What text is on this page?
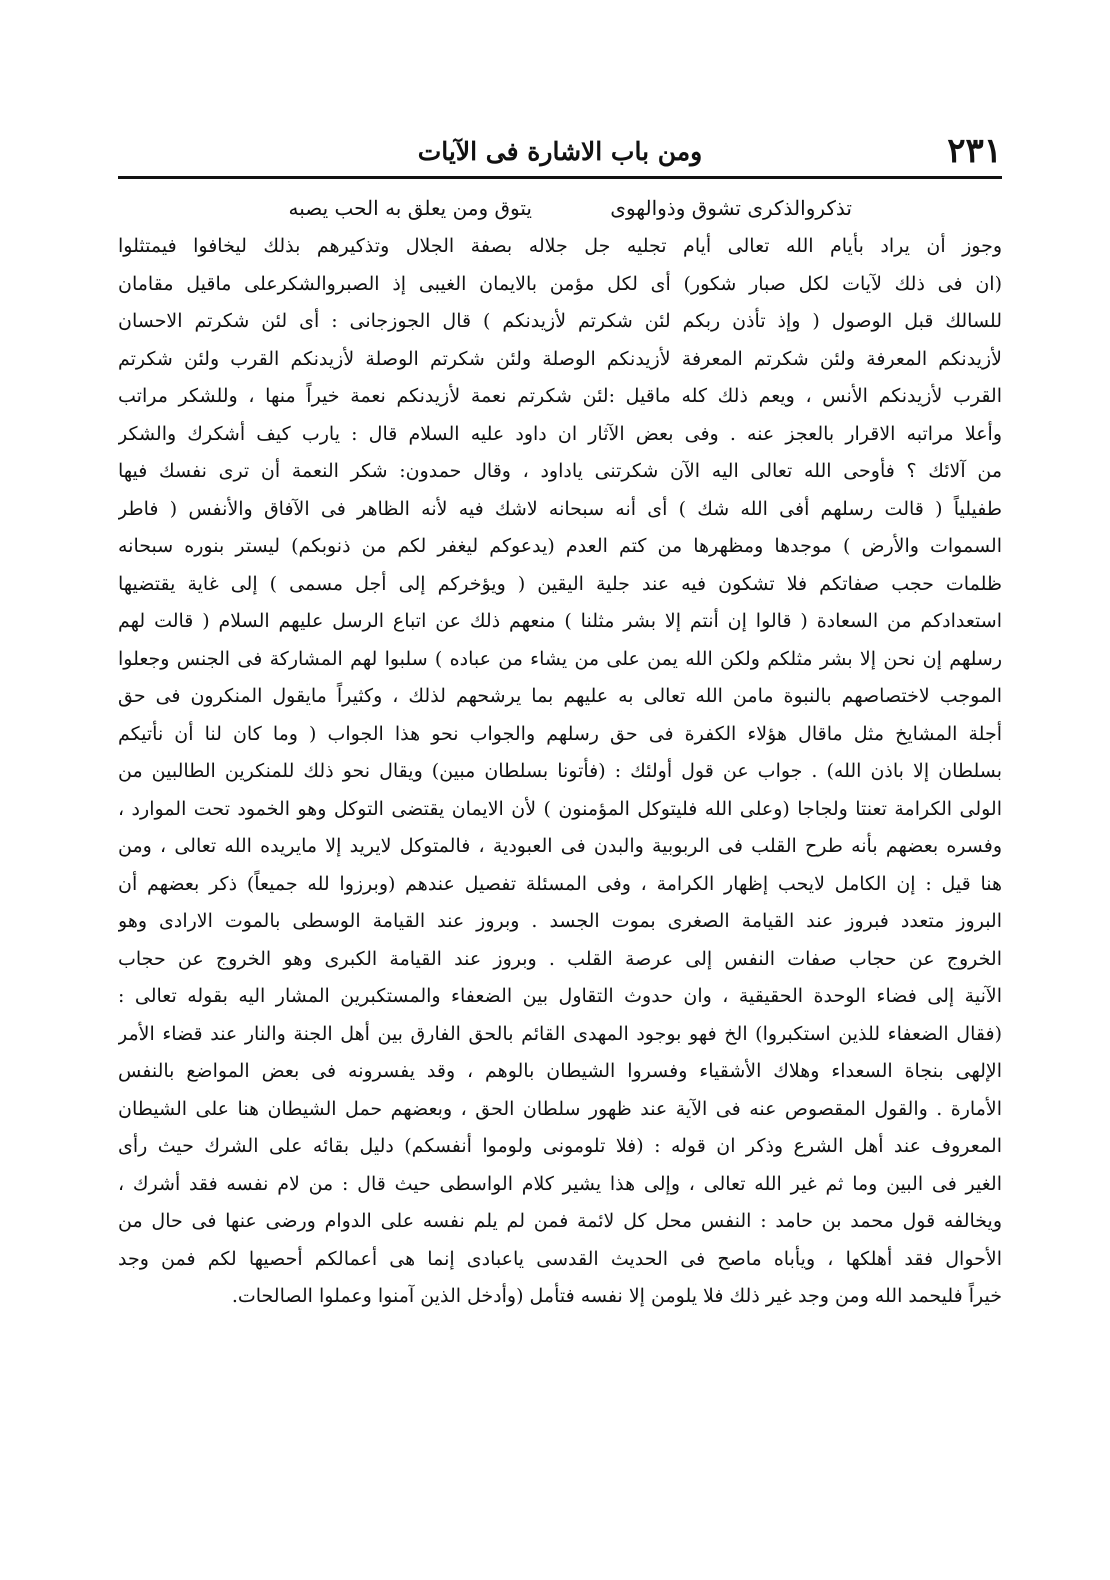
٢٣١
ومن باب الاشارة فى الآيات
تذكروالذكرى تشوق وذوالهوى
يتوق ومن يعلق به الحب يصبه
وجوز أن يراد بأيام الله تعالى أيام تجليه جل جلاله بصفة الجلال وتذكيرهم بذلك ليخافوا فيمتثلوا
(ان فى ذلك لآيات لكل صبار شكور) أى لكل مؤمن بالايمان الغيبى إذ الصبروالشكرعلى ماقيل مقامان
للسالك قبل الوصول ( وإذ تأذن ربكم لئن شكرتم لأزيدنكم ) قال الجوزجانى : أى لئن شكرتم الاحسان
لأزيدنكم المعرفة ولئن شكرتم المعرفة لأزيدنكم الوصلة ولئن شكرتم الوصلة لأزيدنكم القرب ولئن شكرتم
القرب لأزيدنكم الأنس ، ويعم ذلك كله ماقيل :لئن شكرتم نعمة لأزيدنكم نعمة خيراً منها ، وللشكر مراتب
وأعلا مراتبه الاقرار بالعجز عنه . وفى بعض الآثار ان داود عليه السلام قال : يارب كيف أشكرك والشكر
من آلائك ؟ فأوحى الله تعالى اليه الآن شكرتنى ياداود ، وقال حمدون: شكر النعمة أن ترى نفسك فيها
طفيلياً ( قالت رسلهم أفى الله شك ) أى أنه سبحانه لاشك فيه لأنه الظاهر فى الآفاق والأنفس ( فاطر
السموات والأرض ) موجدها ومظهرها من كتم العدم (يدعوكم ليغفر لكم من ذنوبكم) ليستر بنوره سبحانه
ظلمات حجب صفاتكم فلا تشكون فيه عند جلية اليقين ( ويؤخركم إلى أجل مسمى ) إلى غاية يقتضيها
استعدادكم من السعادة ( قالوا إن أنتم إلا بشر مثلنا ) منعهم ذلك عن اتباع الرسل عليهم السلام ( قالت لهم
رسلهم إن نحن إلا بشر مثلكم ولكن الله يمن على من يشاء من عباده ) سلبوا لهم المشاركة فى الجنس وجعلوا
الموجب لاختصاصهم بالنبوة مامن الله تعالى به عليهم بما يرشحهم لذلك ، وكثيراً مايقول المنكرون فى حق
أجلة المشايخ مثل ماقال هؤلاء الكفرة فى حق رسلهم والجواب نحو هذا الجواب ( وما كان لنا أن نأتيكم
بسلطان إلا باذن الله) . جواب عن قول أولئك : (فأتونا بسلطان مبين) ويقال نحو ذلك للمنكرين الطالبين من
الولى الكرامة تعنتا ولجاجا (وعلى الله فليتوكل المؤمنون ) لأن الايمان يقتضى التوكل وهو الخمود تحت الموارد ،
وفسره بعضهم بأنه طرح القلب فى الربوبية والبدن فى العبودية ، فالمتوكل لايريد إلا مايريده الله تعالى ، ومن
هنا قيل : إن الكامل لايحب إظهار الكرامة ، وفى المسئلة تفصيل عندهم (وبرزوا لله جميعاً) ذكر بعضهم أن
البروز متعدد فبروز عند القيامة الصغرى بموت الجسد . وبروز عند القيامة الوسطى بالموت الارادى وهو
الخروج عن حجاب صفات النفس إلى عرصة القلب . وبروز عند القيامة الكبرى وهو الخروج عن حجاب
الآنية إلى فضاء الوحدة الحقيقية ، وان حدوث التقاول بين الضعفاء والمستكبرين المشار اليه بقوله تعالى :
(فقال الضعفاء للذين استكبروا) الخ فهو بوجود المهدى القائم بالحق الفارق بين أهل الجنة والنار عند قضاء الأمر
الإلهى بنجاة السعداء وهلاك الأشقياء وفسروا الشيطان بالوهم ، وقد يفسرونه فى بعض المواضع بالنفس
الأمارة . والقول المقصوص عنه فى الآية عند ظهور سلطان الحق ، وبعضهم حمل الشيطان هنا على الشيطان
المعروف عند أهل الشرع وذكر ان قوله : (فلا تلومونى ولوموا أنفسكم) دليل بقائه على الشرك حيث رأى
الغير فى البين وما ثم غير الله تعالى ، وإلى هذا يشير كلام الواسطى حيث قال : من لام نفسه فقد أشرك ،
ويخالفه قول محمد بن حامد : النفس محل كل لائمة فمن لم يلم نفسه على الدوام ورضى عنها فى حال من
الأحوال فقد أهلكها ، ويأباه ماصح فى الحديث القدسى ياعبادى إنما هى أعمالكم أحصيها لكم فمن وجد
خيراً فليحمد الله ومن وجد غير ذلك فلا يلومن إلا نفسه فتأمل (وأدخل الذين آمنوا وعملوا الصالحات.
